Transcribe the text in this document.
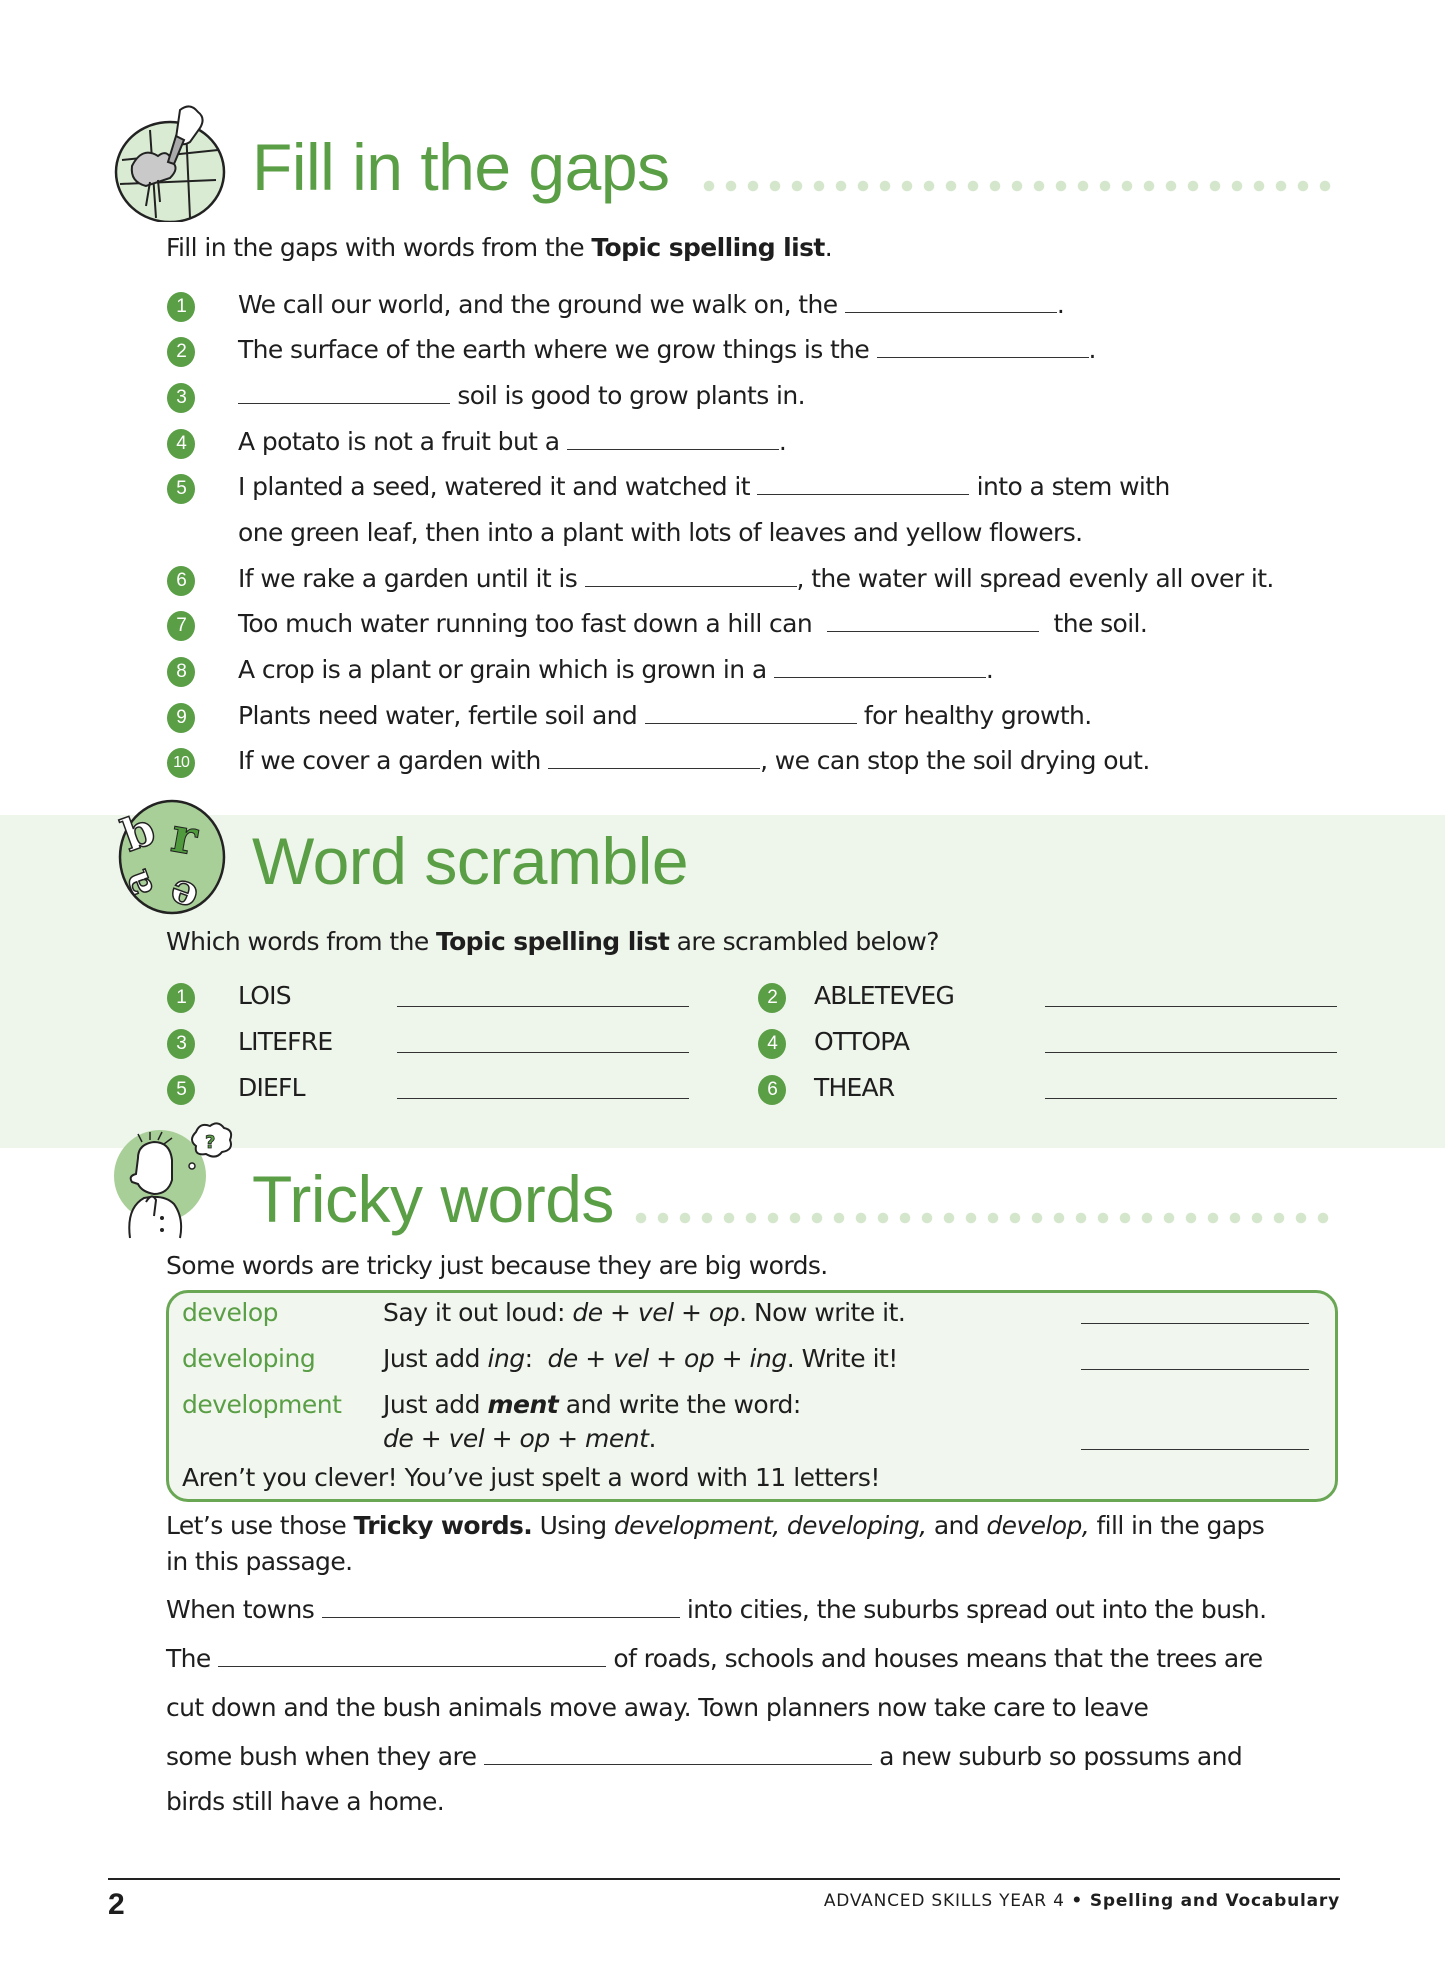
Fill in the gaps
Fill in the gaps with words from the Topic spelling list.
1	We call our world, and the ground we walk on, the	.
2	The surface of the earth where we grow things is the	.
3	soil is good to grow plants in.
4	A potato is not a fruit but a	.
5	I planted a seed, watered it and watched it	into a stem with
one green leaf, then into a plant with lots of leaves and yellow flowers.
6	If we rake a garden until it is	, the water will spread evenly all over it.
7	Too much water running too fast down a hill can	the soil.
8	A crop is a plant or grain which is grown in a	.
9	Plants need water, fertile soil and	for healthy growth.
10 If we cover a garden with	, we can stop the soil drying out.
b r
a e Word scramble
Which words from the Topic spelling list are scrambled below?
1	LOIS	2	ABLETEVEG
3	LITEFRE	4	OTTOPA
5	DIEFL	6	THEAR
?
Tricky words
Some words are tricky just because they are big words.
develop	Say it out loud: de + vel + op. Now write it.
developing	Just add ing:  de + vel + op + ing. Write it!
development Just add ment and write the word:
de + vel + op + ment.
Aren’t you clever! You’ve just spelt a word with 11 letters!
Let’s use those Tricky words. Using development, developing, and develop, fill in the gaps
in this passage.
When towns	into cities, the suburbs spread out into the bush.
The	of roads, schools and houses means that the trees are
cut down and the bush animals move away. Town planners now take care to leave
some bush when they are	a new suburb so possums and
birds still have a home.
2	ADVANCED SKILLS YEAR 4 • Spelling and Vocabulary
